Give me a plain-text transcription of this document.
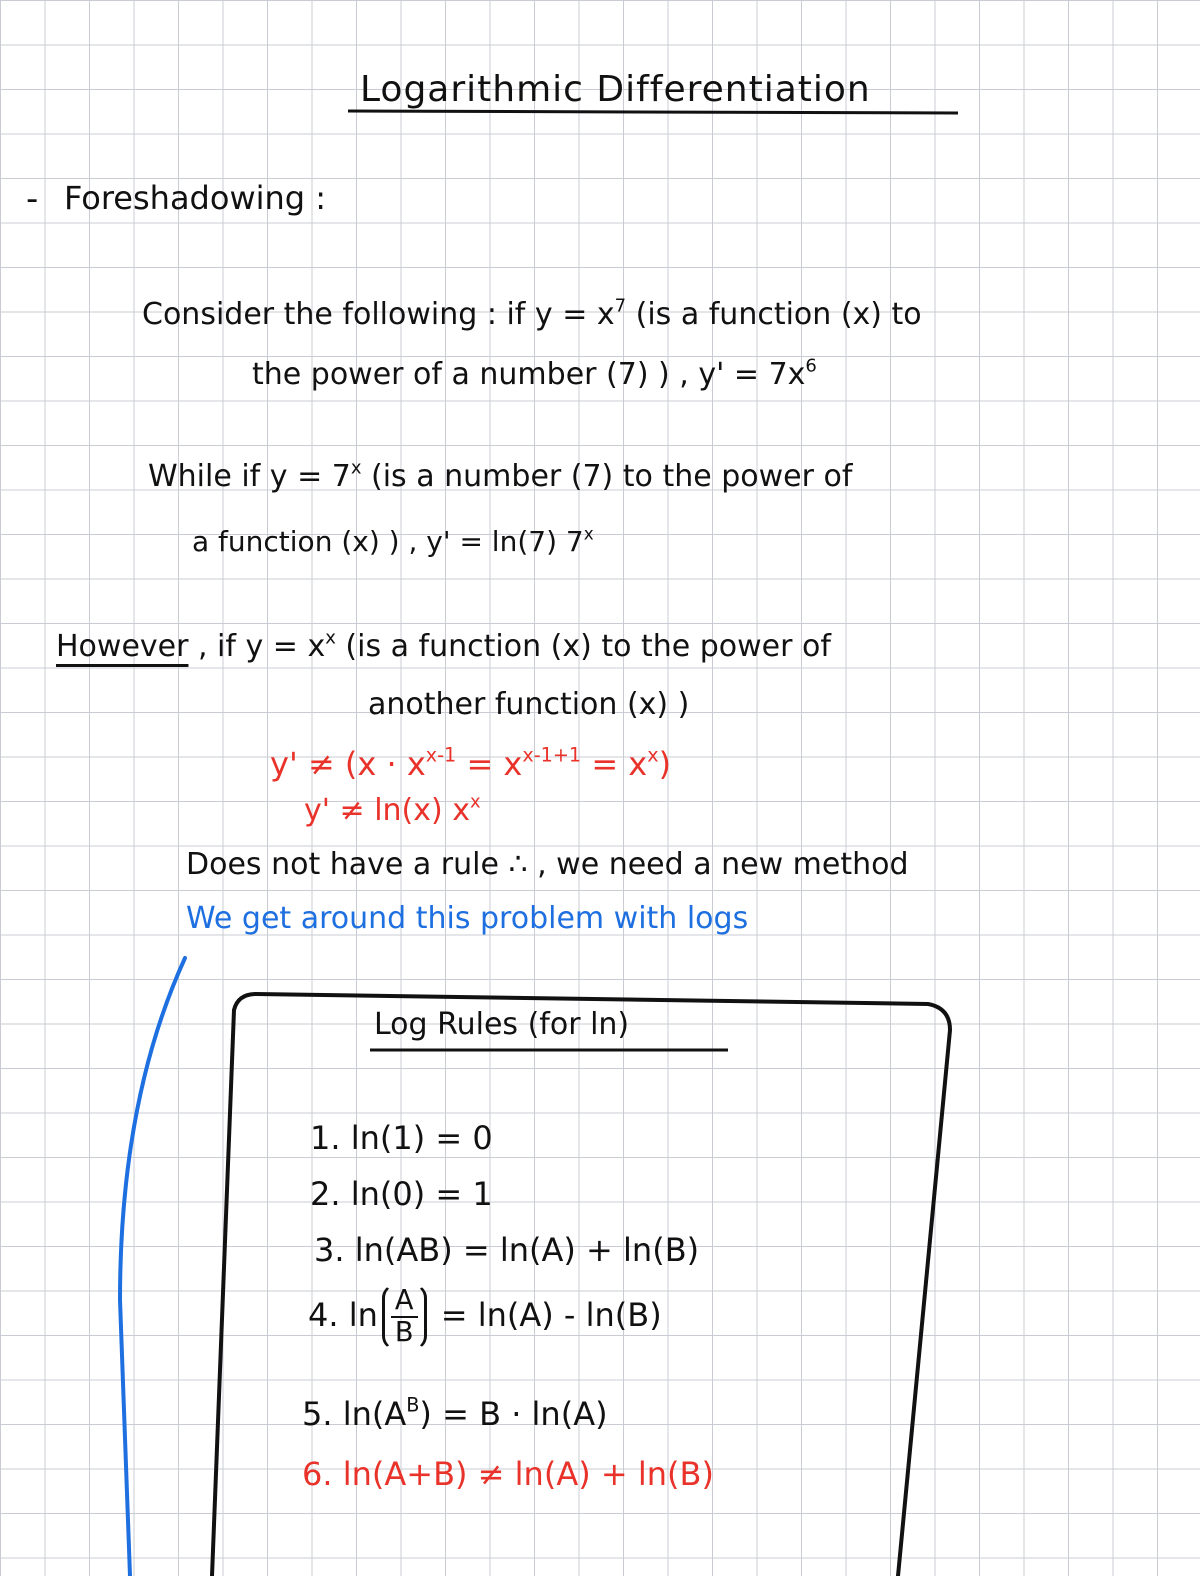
Logarithmic Differentiation
- Foreshadowing :
Consider the following : if $y = x^7$ (is a function (x) to
the power of a number (7) ) , $y' = 7x^6$
While if $y = 7^x$ (is a number (7) to the power of
a function (x) ) , y' = ln(7) 7$^x$
However , if $y = x^x$ (is a function (x) to the power of
another function (x) )
$y' \ne (x \cdot x^{x-1} = x^{x-1+1} = x^x)$
y' ≠ ln(x) $x^x$
Does not have a rule ∴ , we need a new method
We get around this problem with logs
Log Rules (for ln)
1. ln(1) = 0
2. ln(0) = 1
3. ln(AB) = ln(A) + ln(B)
4. $\ln \frac{A}{B} = \ln(A) - \ln(B)$
5. $\ln(A^B) = B \cdot \ln(A)$
6. ln(A+B) ≠ ln(A) + ln(B)
